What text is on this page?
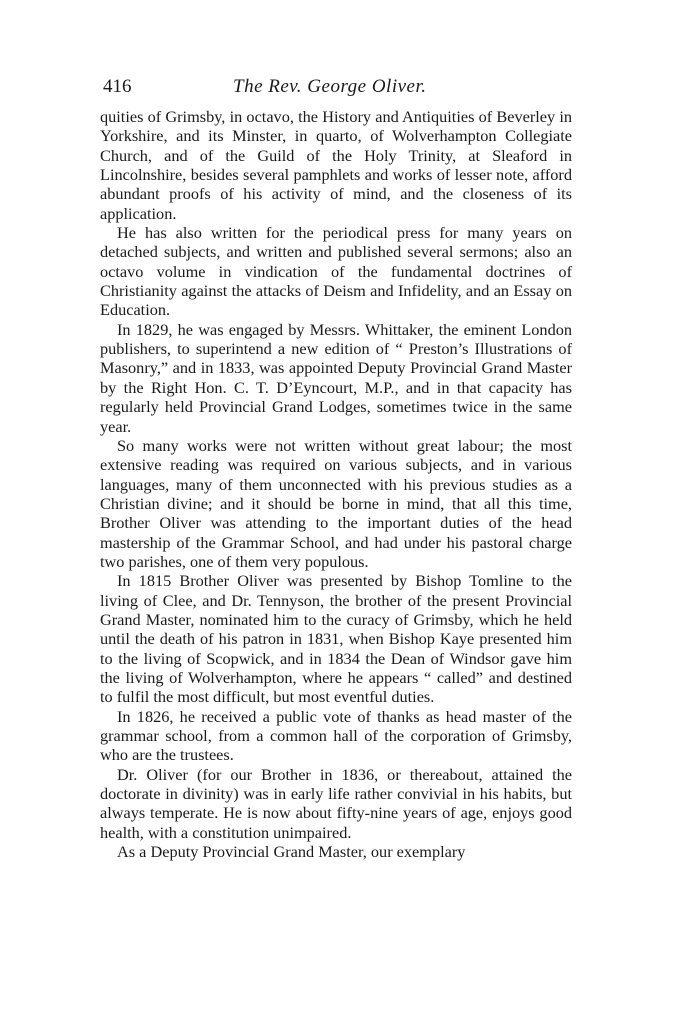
416	The Rev. George Oliver.

quities of Grimsby, in octavo, the History and Antiquities of Beverley in Yorkshire, and its Minster, in quarto, of Wolverhampton Collegiate Church, and of the Guild of the Holy Trinity, at Sleaford in Lincolnshire, besides several pamphlets and works of lesser note, afford abundant proofs of his activity of mind, and the closeness of its application.

He has also written for the periodical press for many years on detached subjects, and written and published several sermons; also an octavo volume in vindication of the fundamental doctrines of Christianity against the attacks of Deism and Infidelity, and an Essay on Education.

In 1829, he was engaged by Messrs. Whittaker, the eminent London publishers, to superintend a new edition of “ Preston’s Illustrations of Masonry,” and in 1833, was appointed Deputy Provincial Grand Master by the Right Hon. C. T. D’Eyncourt, M.P., and in that capacity has regularly held Provincial Grand Lodges, sometimes twice in the same year.

So many works were not written without great labour; the most extensive reading was required on various subjects, and in various languages, many of them unconnected with his previous studies as a Christian divine; and it should be borne in mind, that all this time, Brother Oliver was attending to the important duties of the head mastership of the Grammar School, and had under his pastoral charge two parishes, one of them very populous.

In 1815 Brother Oliver was presented by Bishop Tomline to the living of Clee, and Dr. Tennyson, the brother of the present Provincial Grand Master, nominated him to the curacy of Grimsby, which he held until the death of his patron in 1831, when Bishop Kaye presented him to the living of Scopwick, and in 1834 the Dean of Windsor gave him the living of Wolverhampton, where he appears “ called” and destined to fulfil the most difficult, but most eventful duties.

In 1826, he received a public vote of thanks as head master of the grammar school, from a common hall of the corporation of Grimsby, who are the trustees.

Dr. Oliver (for our Brother in 1836, or thereabout, attained the doctorate in divinity) was in early life rather convivial in his habits, but always temperate. He is now about fifty-nine years of age, enjoys good health, with a constitution unimpaired.

As a Deputy Provincial Grand Master, our exemplary
